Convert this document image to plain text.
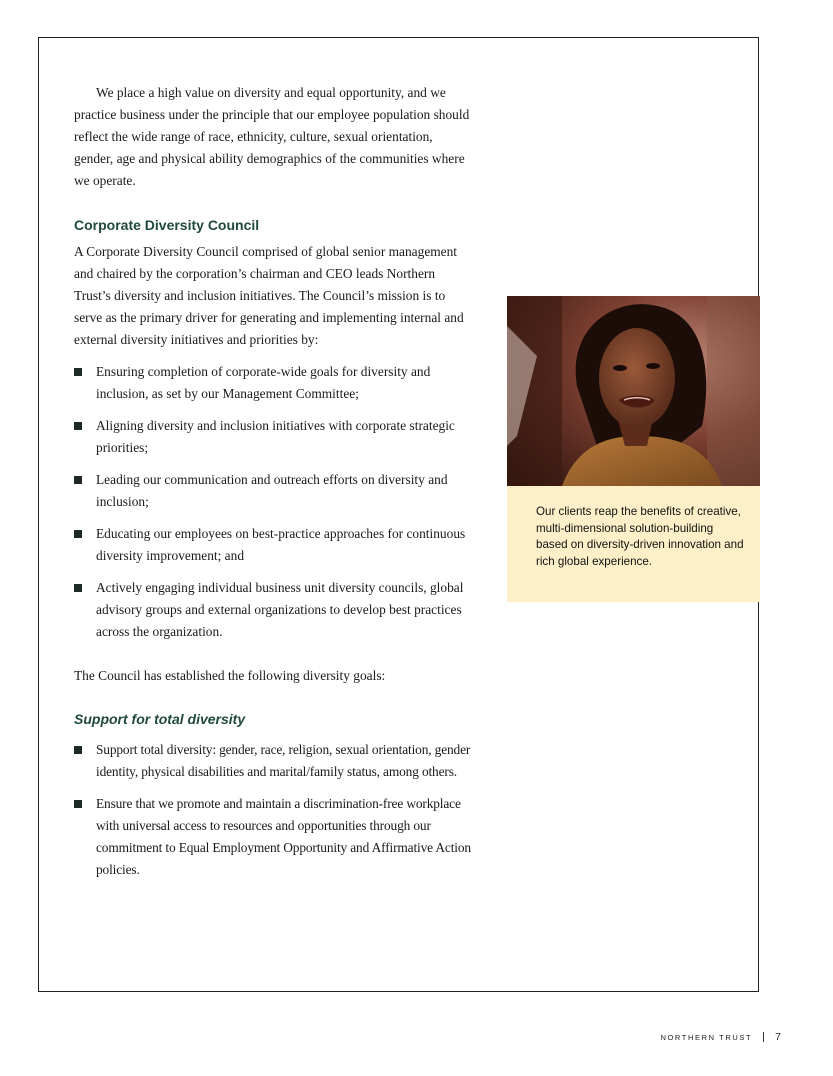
We place a high value on diversity and equal opportunity, and we practice business under the principle that our employee population should reflect the wide range of race, ethnicity, culture, sexual orientation, gender, age and physical ability demographics of the communities where we operate.

Corporate Diversity Council

A Corporate Diversity Council comprised of global senior management and chaired by the corporation’s chairman and CEO leads Northern Trust’s diversity and inclusion initiatives. The Council’s mission is to serve as the primary driver for generating and implementing internal and external diversity initiatives and priorities by:

Ensuring completion of corporate-wide goals for diversity and inclusion, as set by our Management Committee;
Aligning diversity and inclusion initiatives with corporate strategic priorities;
Leading our communication and outreach efforts on diversity and inclusion;
Educating our employees on best-practice approaches for continuous diversity improvement; and
Actively engaging individual business unit diversity councils, global advisory groups and external organizations to develop best practices across the organization.

The Council has established the following diversity goals:

Support for total diversity
Support total diversity: gender, race, religion, sexual orientation, gender identity, physical disabilities and marital/family status, among others.
Ensure that we promote and maintain a discrimination-free workplace with universal access to resources and opportunities through our commitment to Equal Employment Opportunity and Affirmative Action policies.

Our clients reap the benefits of creative, multi-dimensional solution-building based on diversity-driven innovation and rich global experience.

NORTHERN TRUST 7
